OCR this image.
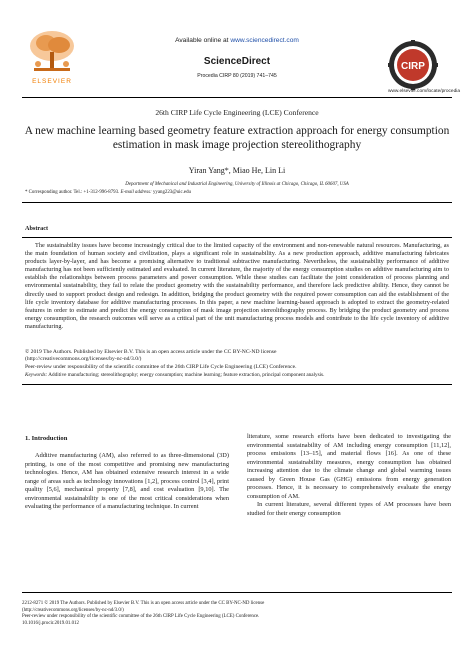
ELSEVIER
Available online at www.sciencedirect.com
ScienceDirect
Procedia CIRP 80 (2019) 741–745
CIRP
www.elsevier.com/locate/procedia
26th CIRP Life Cycle Engineering (LCE) Conference
A new machine learning based geometry feature extraction approach for energy consumption estimation in mask image projection stereolithography
Yiran Yang*, Miao He, Lin Li
Department of Mechanical and Industrial Engineering, University of Illinois at Chicago, Chicago, IL 60607, USA
* Corresponding author. Tel.: +1-312-996-8793. E-mail address: yyang223@uic.edu
Abstract
The sustainability issues have become increasingly critical due to the limited capacity of the environment and non-renewable natural resources. Manufacturing, as the main foundation of human society and civilization, plays a significant role in sustainability. As a new production approach, additive manufacturing fabricates products layer-by-layer, and has become a promising alternative to traditional subtractive manufacturing. Nevertheless, the sustainability performance of additive manufacturing has not been sufficiently estimated and evaluated. In current literature, the majority of the energy consumption studies on additive manufacturing aim to establish the relationships between process parameters and power consumption. While these studies can facilitate the joint consideration of process planning and environmental sustainability, they fail to relate the product geometry with the sustainability performance, and therefore lack predictive ability. Hence, they cannot be directly used to support product design and redesign. In addition, bridging the product geometry with the required power consumption can aid the establishment of the life cycle inventory database for additive manufacturing processes. In this paper, a new machine learning-based approach is adopted to extract the geometry-related features in order to estimate and predict the energy consumption of mask image projection stereolithography process. By bridging the product geometry and process energy consumption, the research outcomes will serve as a critical part of the unit manufacturing process models and contribute to the life cycle inventory of additive manufacturing.
© 2019 The Authors. Published by Elsevier B.V. This is an open access article under the CC BY-NC-ND license
(http://creativecommons.org/licenses/by-nc-nd/3.0/)
Peer-review under responsibility of the scientific committee of the 26th CIRP Life Cycle Engineering (LCE) Conference.
Keywords: Additive manufacturing; stereolithography; energy consumption; machine learning; feature extraction, principal component analysis.
1. Introduction
Additive manufacturing (AM), also referred to as three-dimensional (3D) printing, is one of the most competitive and promising new manufacturing technologies. Hence, AM has obtained extensive research interest in a wide range of areas such as technology innovations [1,2], process control [3,4], print quality [5,6], mechanical property [7,8], and cost evaluation [9,10]. The environmental sustainability is one of the most critical considerations when evaluating the performance of a manufacturing technique. In current

literature, some research efforts have been dedicated to investigating the environmental sustainability of AM including energy consumption [11,12], process emissions [13–15], and material flows [16]. As one of these environmental sustainability measures, energy consumption has obtained increasing attention due to the climate change and global warming issues caused by Green House Gas (GHG) emissions from energy generation processes. Hence, it is necessary to comprehensively evaluate the energy consumption of AM.

In current literature, several different types of AM processes have been studied for their energy consumption

2212-8271 © 2019 The Authors. Published by Elsevier B.V. This is an open access article under the CC BY-NC-ND license
(http://creativecommons.org/licenses/by-nc-nd/3.0/)
Peer-review under responsibility of the scientific committee of the 26th CIRP Life Cycle Engineering (LCE) Conference.
10.1016/j.procir.2019.01.012
